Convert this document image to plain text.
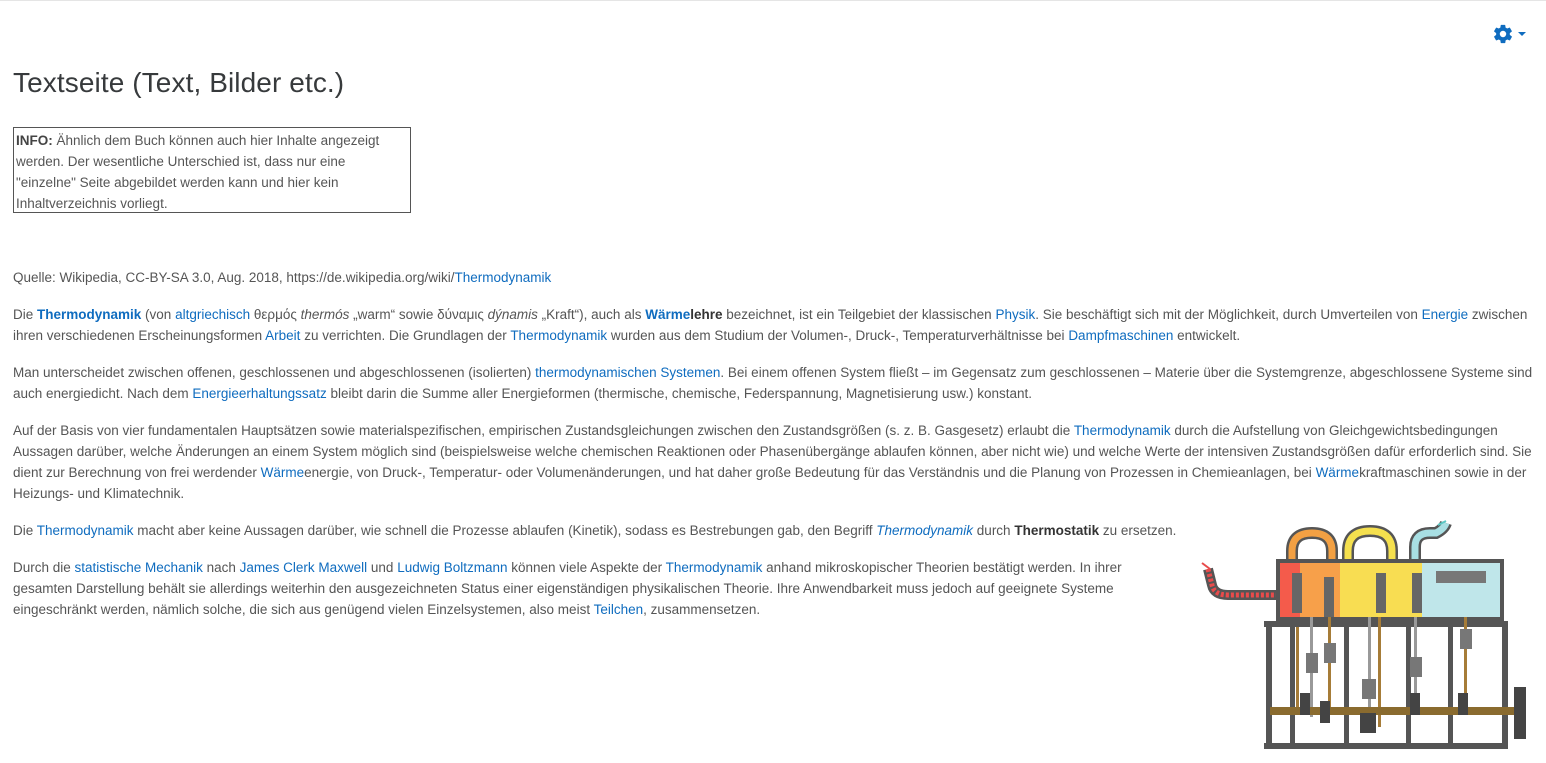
Textseite (Text, Bilder etc.)
INFO: Ähnlich dem Buch können auch hier Inhalte angezeigt werden. Der wesentliche Unterschied ist, dass nur eine "einzelne" Seite abgebildet werden kann und hier kein Inhaltverzeichnis vorliegt.

Quelle: Wikipedia, CC-BY-SA 3.0, Aug. 2018, https://de.wikipedia.org/wiki/Thermodynamik

Die Thermodynamik (von altgriechisch θερμός thermós „warm“ sowie δύναμις dýnamis „Kraft“), auch als Wärmelehre bezeichnet, ist ein Teilgebiet der klassischen Physik. Sie beschäftigt sich mit der Möglichkeit, durch Umverteilen von Energie zwischen ihren verschiedenen Erscheinungsformen Arbeit zu verrichten. Die Grundlagen der Thermodynamik wurden aus dem Studium der Volumen-, Druck-, Temperaturverhältnisse bei Dampfmaschinen entwickelt.

Man unterscheidet zwischen offenen, geschlossenen und abgeschlossenen (isolierten) thermodynamischen Systemen. Bei einem offenen System fließt – im Gegensatz zum geschlossenen – Materie über die Systemgrenze, abgeschlossene Systeme sind auch energiedicht. Nach dem Energieerhaltungssatz bleibt darin die Summe aller Energieformen (thermische, chemische, Federspannung, Magnetisierung usw.) konstant.

Auf der Basis von vier fundamentalen Hauptsätzen sowie materialspezifischen, empirischen Zustandsgleichungen zwischen den Zustandsgrößen (s. z. B. Gasgesetz) erlaubt die Thermodynamik durch die Aufstellung von Gleichgewichtsbedingungen Aussagen darüber, welche Änderungen an einem System möglich sind (beispielsweise welche chemischen Reaktionen oder Phasenübergänge ablaufen können, aber nicht wie) und welche Werte der intensiven Zustandsgrößen dafür erforderlich sind. Sie dient zur Berechnung von frei werdender Wärmeenergie, von Druck-, Temperatur- oder Volumenänderungen, und hat daher große Bedeutung für das Verständnis und die Planung von Prozessen in Chemieanlagen, bei Wärmekraftmaschinen sowie in der Heizungs- und Klimatechnik.

Die Thermodynamik macht aber keine Aussagen darüber, wie schnell die Prozesse ablaufen (Kinetik), sodass es Bestrebungen gab, den Begriff Thermodynamik durch Thermostatik zu ersetzen.

Durch die statistische Mechanik nach James Clerk Maxwell und Ludwig Boltzmann können viele Aspekte der Thermodynamik anhand mikroskopischer Theorien bestätigt werden. In ihrer gesamten Darstellung behält sie allerdings weiterhin den ausgezeichneten Status einer eigenständigen physikalischen Theorie. Ihre Anwendbarkeit muss jedoch auf geeignete Systeme eingeschränkt werden, nämlich solche, die sich aus genügend vielen Einzelsystemen, also meist Teilchen, zusammensetzen.
